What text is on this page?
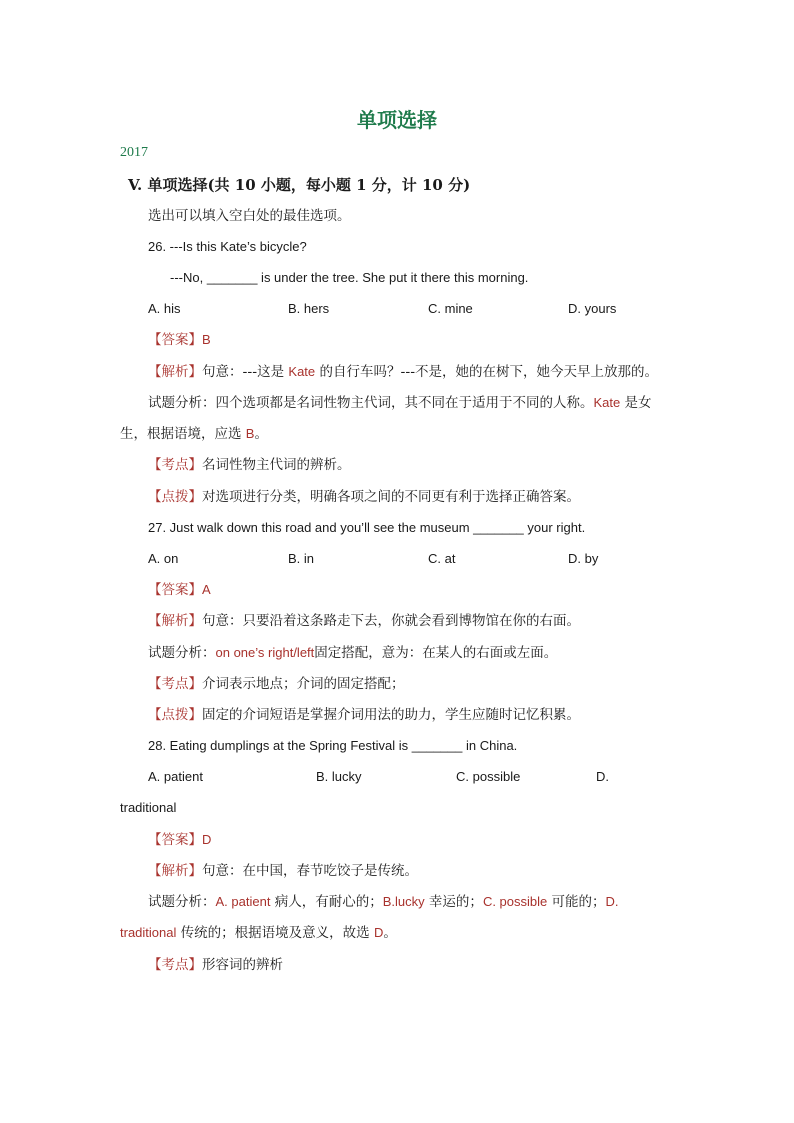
单项选择
2017
V. 单项选择(共 10 小题，每小题 1 分，计 10 分)
选出可以填入空白处的最佳选项。
26. ---Is this Kate’s bicycle?
---No, _______ is under the tree. She put it there this morning.
A. his	B. hers	C. mine	D. yours
【答案】B
【解析】句意：---这是 Kate 的自行车吗？---不是，她的在树下，她今天早上放那的。
试题分析：四个选项都是名词性物主代词，其不同在于适用于不同的人称。Kate 是女
生，根据语境，应选 B。
【考点】名词性物主代词的辨析。
【点拨】对选项进行分类，明确各项之间的不同更有利于选择正确答案。
27. Just walk down this road and you’ll see the museum _______ your right.
A. on	B. in	C. at	D. by
【答案】A
【解析】句意：只要沿着这条路走下去，你就会看到博物馆在你的右面。
试题分析：on one’s right/left固定搭配，意为：在某人的右面或左面。
【考点】介词表示地点；介词的固定搭配；
【点拨】固定的介词短语是掌握介词用法的助力，学生应随时记忆积累。
28. Eating dumplings at the Spring Festival is _______ in China.
A. patient	B. lucky	C. possible	D.
traditional
【答案】D
【解析】句意：在中国，春节吃饺子是传统。
试题分析：A. patient 病人，有耐心的；B.lucky 幸运的；C. possible 可能的；D.
traditional 传统的；根据语境及意义，故选 D。
【考点】形容词的辨析
